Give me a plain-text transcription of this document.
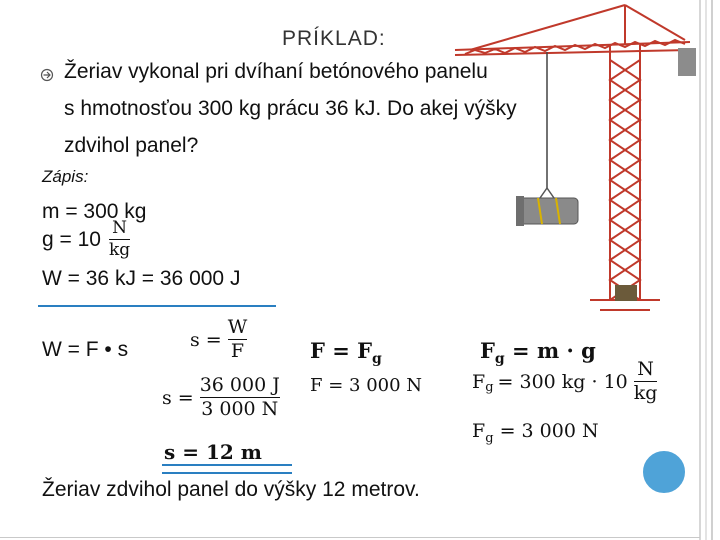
PRÍKLAD:
Žeriav vykonal pri dvíhaní betónového panelu
s hmotnosťou 300 kg prácu 36 kJ. Do akej výšky
zdvihol panel?
Zápis:
m = 300 kg
$g = 10 \frac{N}{kg}$
W = 36 kJ = 36 000 J
W = F • s	$s = \frac{W}{F}$	$F = F_g$
F = 3 000 N
$F_g = m \cdot g$
$F_g = 300$ kg · $10 \frac{N}{kg}$
$F_g = 3$ 000 N
$s = \frac{36 000 J}{3 000 N}$
s = 12 m
Žeriav zdvihol panel do výšky 12 metrov.
